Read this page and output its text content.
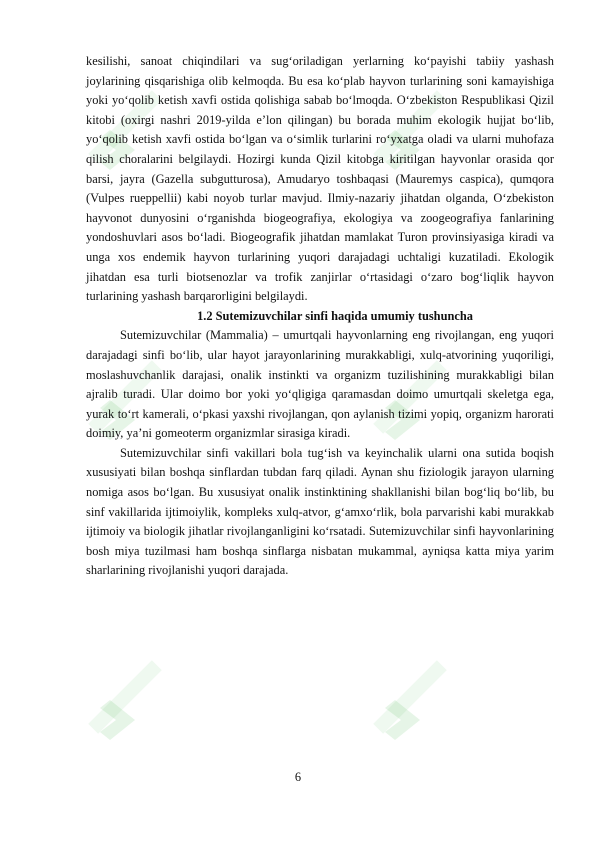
kesilishi, sanoat chiqindilari va sug‘oriladigan yerlarning ko‘payishi tabiiy yashash joylarining qisqarishiga olib kelmoqda. Bu esa ko‘plab hayvon turlarining soni kamayishiga yoki yo‘qolib ketish xavfi ostida qolishiga sabab bo‘lmoqda. O‘zbekiston Respublikasi Qizil kitobi (oxirgi nashri 2019-yilda e’lon qilingan) bu borada muhim ekologik hujjat bo‘lib, yo‘qolib ketish xavfi ostida bo‘lgan va o‘simlik turlarini ro‘yxatga oladi va ularni muhofaza qilish choralarini belgilaydi. Hozirgi kunda Qizil kitobga kiritilgan hayvonlar orasida qor barsi, jayra (Gazella subgutturosa), Amudaryo toshbaqasi (Mauremys caspica), qumqora (Vulpes rueppellii) kabi noyob turlar mavjud. Ilmiy-nazariy jihatdan olganda, O‘zbekiston hayvonot dunyosini o‘rganishda biogeografiya, ekologiya va zoogeografiya fanlarining yondoshuvlari asos bo‘ladi. Biogeografik jihatdan mamlakat Turon provinsiyasiga kiradi va unga xos endemik hayvon turlarining yuqori darajadagi uchtaligi kuzatiladi. Ekologik jihatdan esa turli biotsenozlar va trofik zanjirlar o‘rtasidagi o‘zaro bog‘liqlik hayvon turlarining yashash barqarorligini belgilaydi.

1.2 Sutemizuvchilar sinfi haqida umumiy tushuncha

Sutemizuvchilar (Mammalia) – umurtqali hayvonlarning eng rivojlangan, eng yuqori darajadagi sinfi bo‘lib, ular hayot jarayonlarining murakkabligi, xulq-atvorining yuqoriligi, moslashuvchanlik darajasi, onalik instinkti va organizm tuzilishining murakkabligi bilan ajralib turadi. Ular doimo bor yoki yo‘qligiga qaramasdan doimo umurtqali skeletga ega, yurak to‘rt kamerali, o‘pkasi yaxshi rivojlangan, qon aylanish tizimi yopiq, organizm harorati doimiy, ya’ni gomeoterm organizmlar sirasiga kiradi.

Sutemizuvchilar sinfi vakillari bola tug‘ish va keyinchalik ularni ona sutida boqish xususiyati bilan boshqa sinflardan tubdan farq qiladi. Aynan shu fiziologik jarayon ularning nomiga asos bo‘lgan. Bu xususiyat onalik instinktining shakllanishi bilan bog‘liq bo‘lib, bu sinf vakillarida ijtimoiylik, kompleks xulq-atvor, g‘amxo‘rlik, bola parvarishi kabi murakkab ijtimoiy va biologik jihatlar rivojlanganligini ko‘rsatadi. Sutemizuvchilar sinfi hayvonlarining bosh miya tuzilmasi ham boshqa sinflarga nisbatan mukammal, ayniqsa katta miya yarim sharlarining rivojlanishi yuqori darajada.

6
